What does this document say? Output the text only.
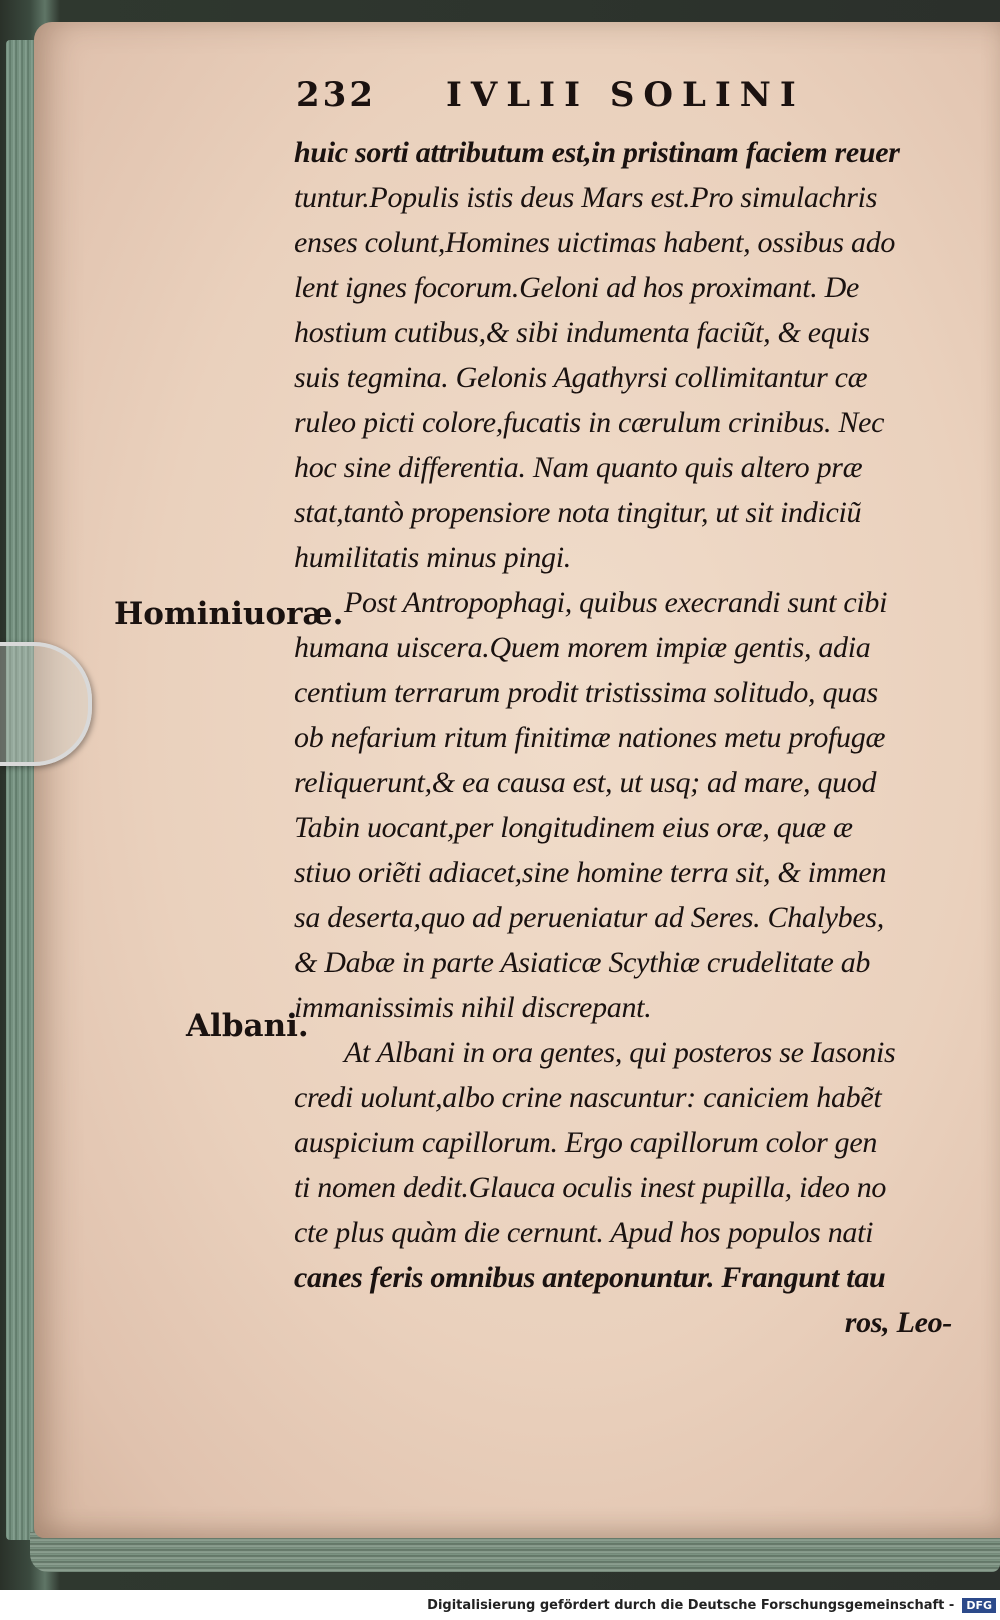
232 IVLII SOLINI
Hominiuoræ.
Albani.
huic sorti attributum est,in pristinam faciem reuer
tuntur.Populis istis deus Mars est.Pro simulachris
enses colunt,Homines uictimas habent, ossibus ado
lent ignes focorum.Geloni ad hos proximant. De
hostium cutibus,& sibi indumenta faciũt, & equis
suis tegmina. Gelonis Agathyrsi collimitantur cæ
ruleo picti colore,fucatis in cærulum crinibus. Nec
hoc sine differentia. Nam quanto quis altero præ
stat,tantò propensiore nota tingitur, ut sit indiciũ
humilitatis minus pingi.
Post Antropophagi, quibus execrandi sunt cibi
humana uiscera.Quem morem impiæ gentis, adia
centium terrarum prodit tristissima solitudo, quas
ob nefarium ritum finitimæ nationes metu profugæ
reliquerunt,& ea causa est, ut usq; ad mare, quod
Tabin uocant,per longitudinem eius oræ, quæ æ
stiuo oriẽti adiacet,sine homine terra sit, & immen
sa deserta,quo ad perueniatur ad Seres. Chalybes,
& Dabæ in parte Asiaticæ Scythiæ crudelitate ab
immanissimis nihil discrepant.
At Albani in ora gentes, qui posteros se Iasonis
credi uolunt,albo crine nascuntur: caniciem habẽt
auspicium capillorum. Ergo capillorum color gen
ti nomen dedit.Glauca oculis inest pupilla, ideo no
cte plus quàm die cernunt. Apud hos populos nati
canes feris omnibus anteponuntur. Frangunt tau
ros, Leo-
Digitalisierung gefördert durch die Deutsche Forschungsgemeinschaft -	DFG
